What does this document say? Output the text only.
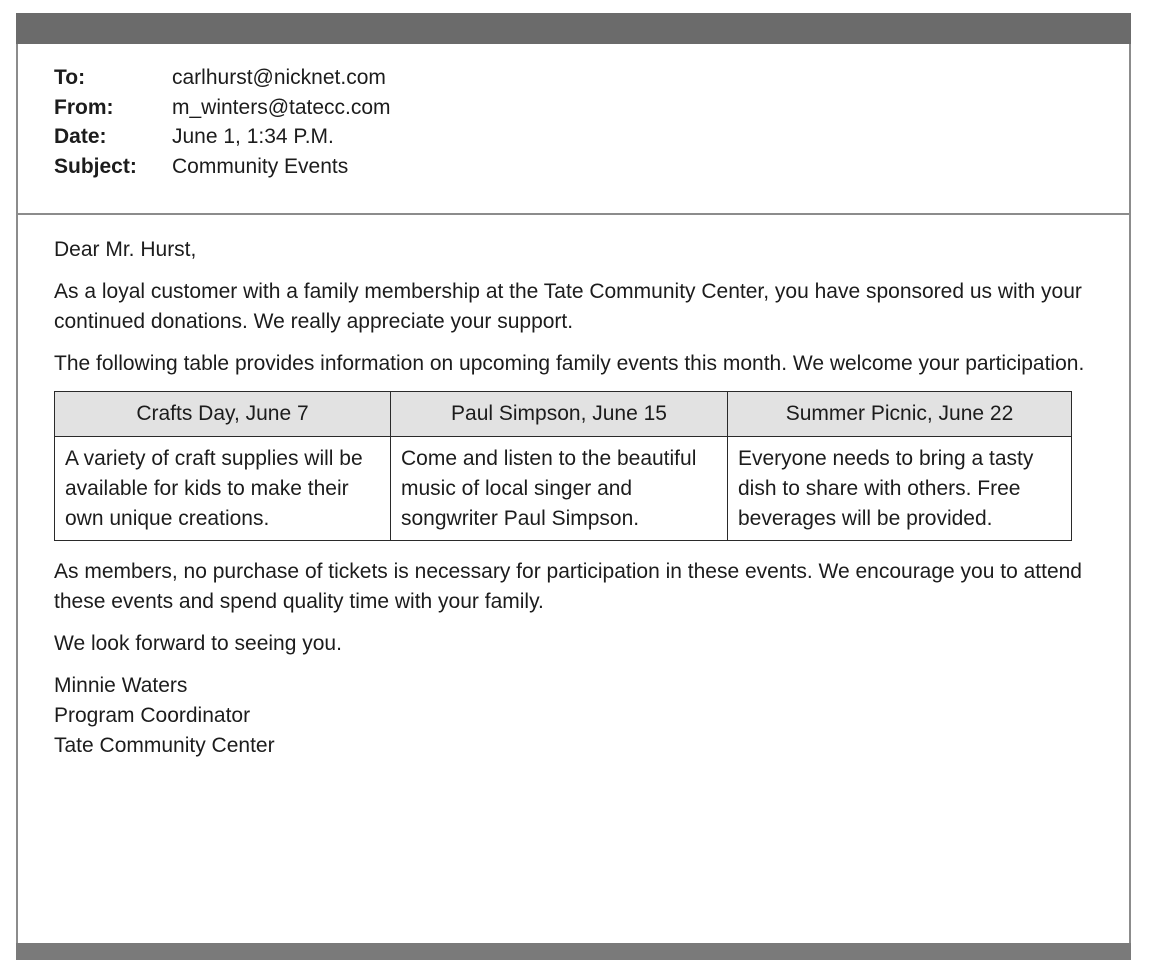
To:	carlhurst@nicknet.com
From:	m_winters@tatecc.com
Date:	June 1, 1:34 P.M.
Subject:	Community Events

Dear Mr. Hurst,

As a loyal customer with a family membership at the Tate Community Center, you have sponsored us with your continued donations. We really appreciate your support.

The following table provides information on upcoming family events this month. We welcome your participation.

Crafts Day, June 7	Paul Simpson, June 15	Summer Picnic, June 22
A variety of craft supplies will be available for kids to make their own unique creations.	Come and listen to the beautiful music of local singer and songwriter Paul Simpson.	Everyone needs to bring a tasty dish to share with others. Free beverages will be provided.

As members, no purchase of tickets is necessary for participation in these events. We encourage you to attend these events and spend quality time with your family.

We look forward to seeing you.

Minnie Waters

Program Coordinator

Tate Community Center
